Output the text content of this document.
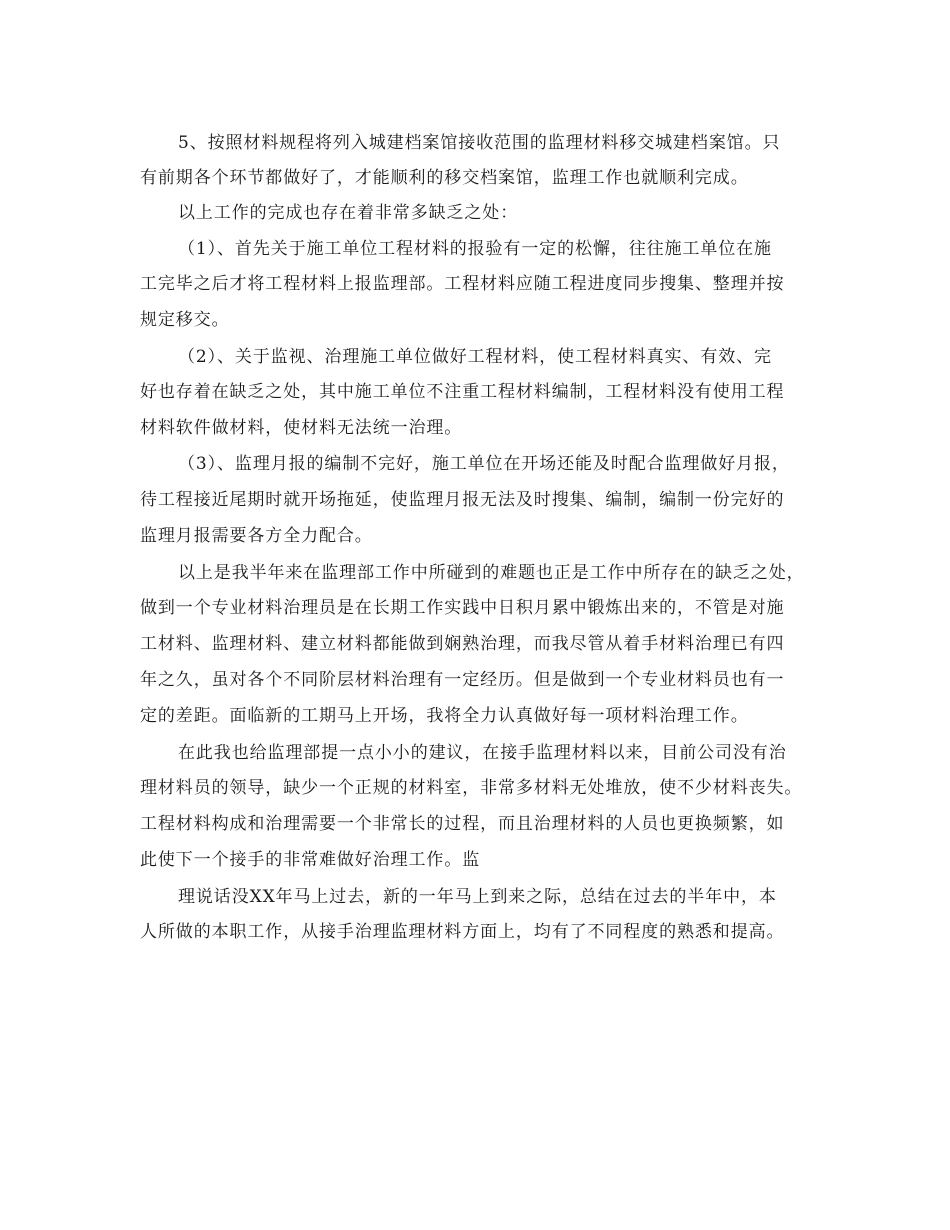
5、按照材料规程将列入城建档案馆接收范围的监理材料移交城建档案馆。只
有前期各个环节都做好了，才能顺利的移交档案馆，监理工作也就顺利完成。
以上工作的完成也存在着非常多缺乏之处：
（1）、首先关于施工单位工程材料的报验有一定的松懈，往往施工单位在施
工完毕之后才将工程材料上报监理部。工程材料应随工程进度同步搜集、整理并按
规定移交。
（2）、关于监视、治理施工单位做好工程材料，使工程材料真实、有效、完
好也存着在缺乏之处，其中施工单位不注重工程材料编制，工程材料没有使用工程
材料软件做材料，使材料无法统一治理。
（3）、监理月报的编制不完好，施工单位在开场还能及时配合监理做好月报，
待工程接近尾期时就开场拖延，使监理月报无法及时搜集、编制，编制一份完好的
监理月报需要各方全力配合。
以上是我半年来在监理部工作中所碰到的难题也正是工作中所存在的缺乏之处，
做到一个专业材料治理员是在长期工作实践中日积月累中锻炼出来的，不管是对施
工材料、监理材料、建立材料都能做到娴熟治理，而我尽管从着手材料治理已有四
年之久，虽对各个不同阶层材料治理有一定经历。但是做到一个专业材料员也有一
定的差距。面临新的工期马上开场，我将全力认真做好每一项材料治理工作。
在此我也给监理部提一点小小的建议，在接手监理材料以来，目前公司没有治
理材料员的领导，缺少一个正规的材料室，非常多材料无处堆放，使不少材料丧失。
工程材料构成和治理需要一个非常长的过程，而且治理材料的人员也更换频繁，如
此使下一个接手的非常难做好治理工作。监
理说话没XX年马上过去，新的一年马上到来之际，总结在过去的半年中，本
人所做的本职工作，从接手治理监理材料方面上，均有了不同程度的熟悉和提高。
